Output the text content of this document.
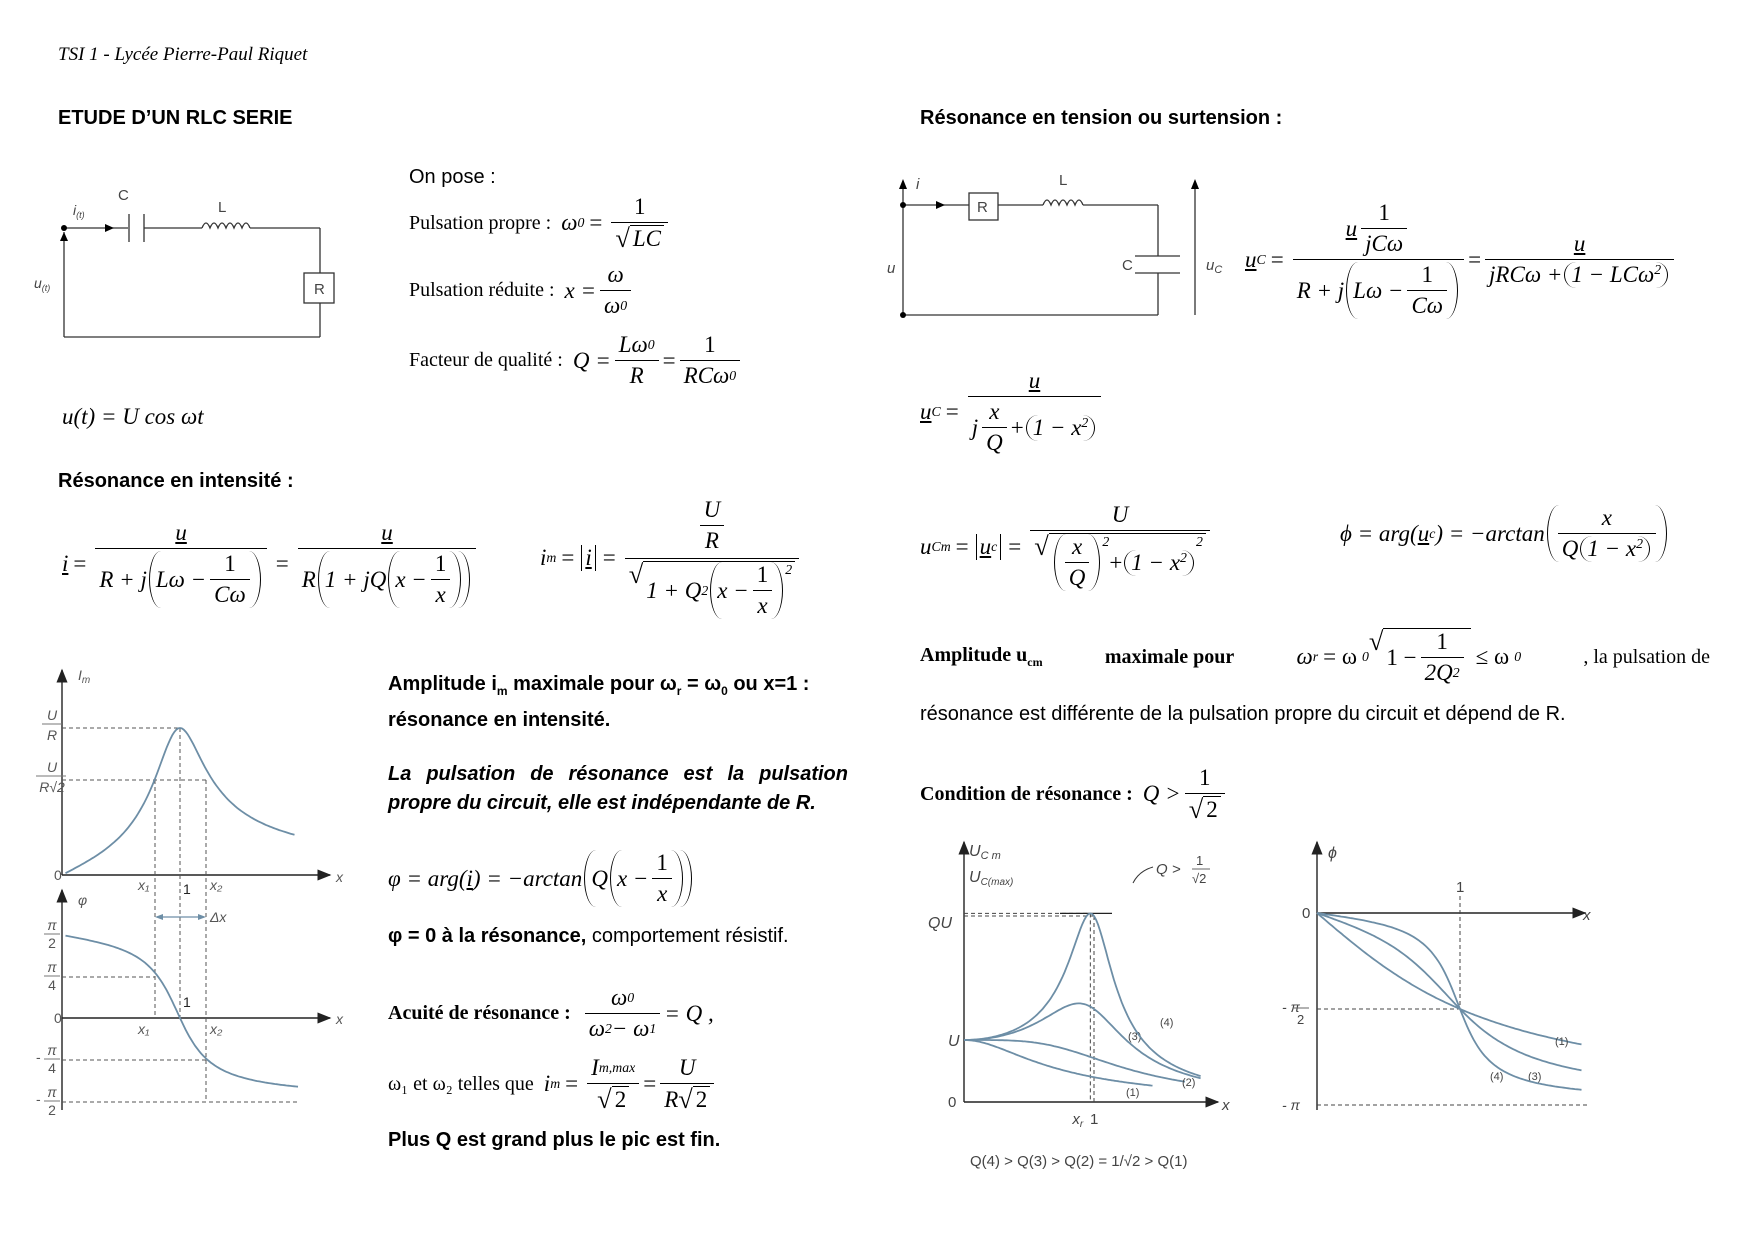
TSI 1 - Lycée Pierre-Paul Riquet
ETUDE D’UN RLC SERIE	Résonance en tension ou surtension :
$i_{(t)}$
C
L
R
$u_{(t)}$
On pose :
Pulsation propre : ω 0 = 1
√ LC
Pulsation réduite : $x = \frac{\omega}{\omega 0}$
Facteur de qualité : $Q = \frac{L\omega 0}{R} = \frac{1}{\text{RCω 0}}$
u(t) = U cos ωt
Résonance en intensité :
$i = \frac{u}{R + j L\omega - \frac{1}{C\omega}} = \frac{u}{R 1 + jQ x - \frac{1}{x}}$	i $m = i = \frac{U}{R}$
√ 1 + Q 2 $x - \frac{1}{x} ^2$
$I_m$
U
R
U
R√2
0	x
x₁ 1 x₂
φ
Δx
π
2
π
4
0	x
1
x₁	x₂
- π
4
- π
2
Amplitude $i_m$ maximale pour $\omega_r = \omega_0$ ou x=1 :
résonance en intensité.
La pulsation de résonance est la pulsation propre du circuit, elle est indépendante de R.
φ = arg( i ) = −arctan Q $x - \frac{1}{x}$
φ = 0 à la résonance, comportement résistif.
Acuité de résonance : $\frac{\omega 0}{\omega 2 - \omega 1} = Q$ ,
ω₁ et ω₂ telles que i m = I m,max
√ $2 = \frac{U}{R √ 2}$
Plus Q est grand plus le pic est fin.
i
R
L
C
u	$u_C$ u $C = \frac{u \frac{1}{\text{jCω}}}{R + j L\omega - \frac{1}{C\omega}} = \frac{u}{jRC\omega + 1 - LC\omega^2}$
u $C = \frac{u}{j \frac{x}{Q} + 1 - x^2}$
u Cm = u c = U
√ $\frac{x}{Q} ^2$
+ $1 - x^2$
$^2$	ϕ = arg( u c ) = $-\arctan \frac{x}{Q 1 - x^2}$
Amplitude $u_{cm}$	maximale pour	ω r = ω 0 √ $1 - \frac{1}{2Q 2} \le \omega$ 0	, la pulsation de
résonance est différente de la pulsation propre du circuit et dépend de R.
Condition de résonance : Q > 1
√ 2
(1)
(2)
(3)
(4)
(1)
(3)
(4)
UC m
UC(max)
QU
U
0	x
$x_r$ 1
Q >
1
√2
ϕ
0
1
x
- π
2
- π
Q(4) > Q(3) > Q(2) = 1/√2 > Q(1)
